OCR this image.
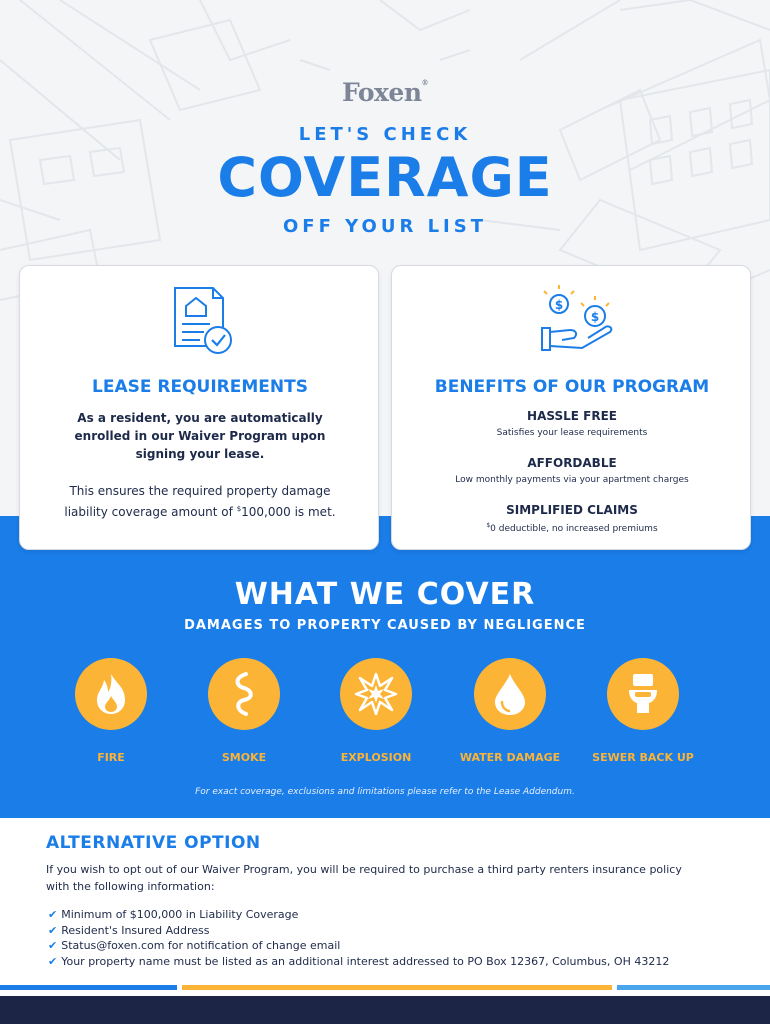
Foxen®
LET'S CHECK
COVERAGE
OFF YOUR LIST
LEASE REQUIREMENTS
As a resident, you are automatically enrolled in our Waiver Program upon signing your lease.
This ensures the required property damage liability coverage amount of $100,000 is met.
$
$
BENEFITS OF OUR PROGRAM
HASSLE FREE
Satisfies your lease requirements
AFFORDABLE
Low monthly payments via your apartment charges
SIMPLIFIED CLAIMS
$0 deductible, no increased premiums
WHAT WE COVER
DAMAGES TO PROPERTY CAUSED BY NEGLIGENCE
FIRE	SMOKE	EXPLOSION	WATER DAMAGE	SEWER BACK UP
For exact coverage, exclusions and limitations please refer to the Lease Addendum.
ALTERNATIVE OPTION
If you wish to opt out of our Waiver Program, you will be required to purchase a third party renters insurance policy with the following information:
✔ Minimum of $100,000 in Liability Coverage
✔ Resident's Insured Address
✔ Status@foxen.com for notification of change email
✔ Your property name must be listed as an additional interest addressed to PO Box 12367, Columbus, OH 43212
